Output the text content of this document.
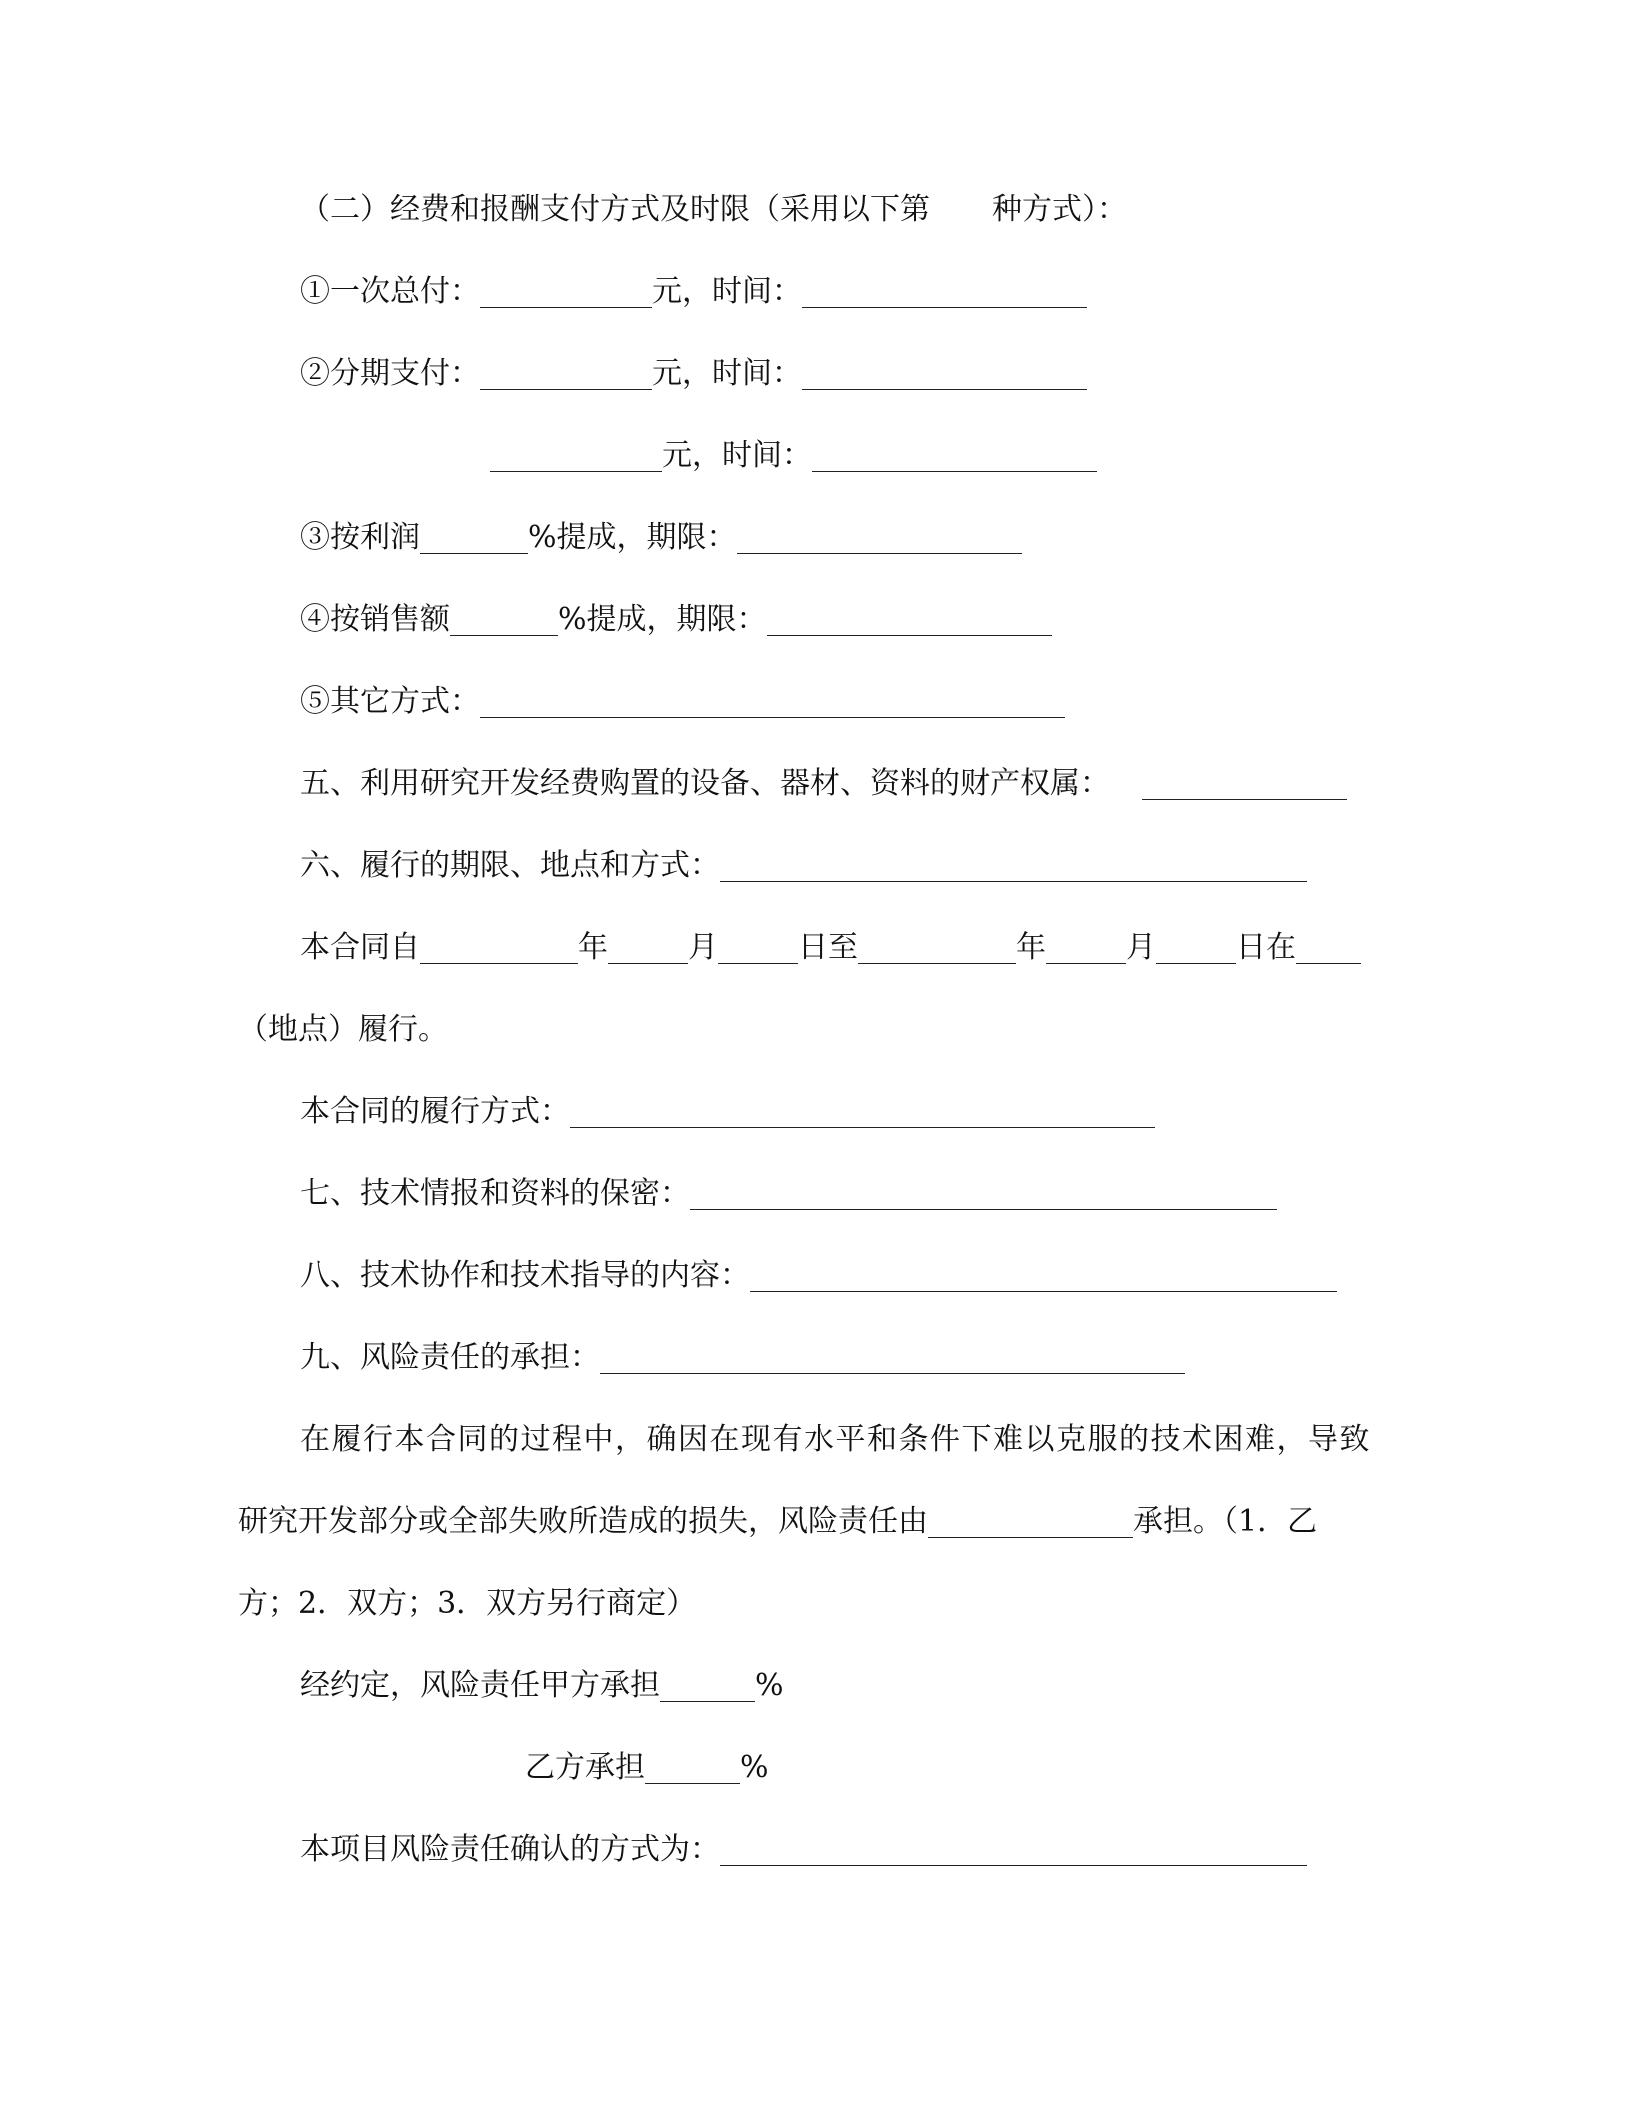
（二）经费和报酬支付方式及时限（采用以下第 种方式）：
①一次总付：	元，时间：
②分期支付：	元，时间：
元，时间：
③按利润	%提成，期限：
④按销售额	%提成，期限：
⑤其它方式：
五、利用研究开发经费购置的设备、器材、资料的财产权属：
六、履行的期限、地点和方式：
本合同自	年	月	日至	年	月	日在
（地点）履行。
本合同的履行方式：
七、技术情报和资料的保密：
八、技术协作和技术指导的内容：
九、风险责任的承担：
在履行本合同的过程中，确因在现有水平和条件下难以克服的技术困难，导致
研究开发部分或全部失败所造成的损失，风险责任由	承担。（1．乙
方；2．双方；3．双方另行商定）
经约定，风险责任甲方承担	%
乙方承担	%
本项目风险责任确认的方式为：
